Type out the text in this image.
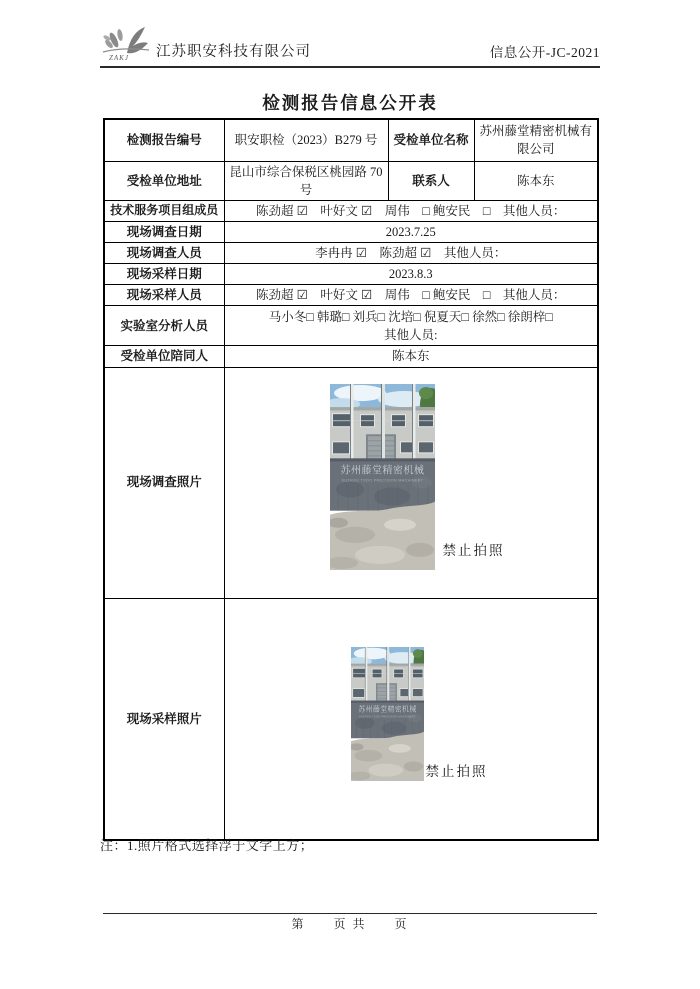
ZAKJ 江苏职安科技有限公司	信息公开-JC-2021
检测报告信息公开表
检测报告编号	职安职检（2023）B279 号	受检单位名称	苏州藤堂精密机械有限公司
受检单位地址	昆山市综合保税区桃园路 70号	联系人	陈本东
技术服务项目组成员	陈劲超 ☑　叶好文 ☑　周伟　□ 鲍安民　□　其他人员：		
现场调查日期	2023.7.25		
现场调查人员	李冉冉 ☑　陈劲超 ☑　其他人员：		
现场采样日期	2023.8.3		
现场采样人员	陈劲超 ☑　叶好文 ☑　周伟　□ 鲍安民　□　其他人员：		
实验室分析人员	马小冬□ 韩璐□ 刘兵□ 沈培□ 倪夏天□ 徐然□ 徐朗梓□
其他人员:		

受检单位陪同人	陈本东		
现场调查照片	禁止拍照		

现场采样照片	禁止拍照		
注：1.照片格式选择浮于文字上方；
第　　页 共　　页
